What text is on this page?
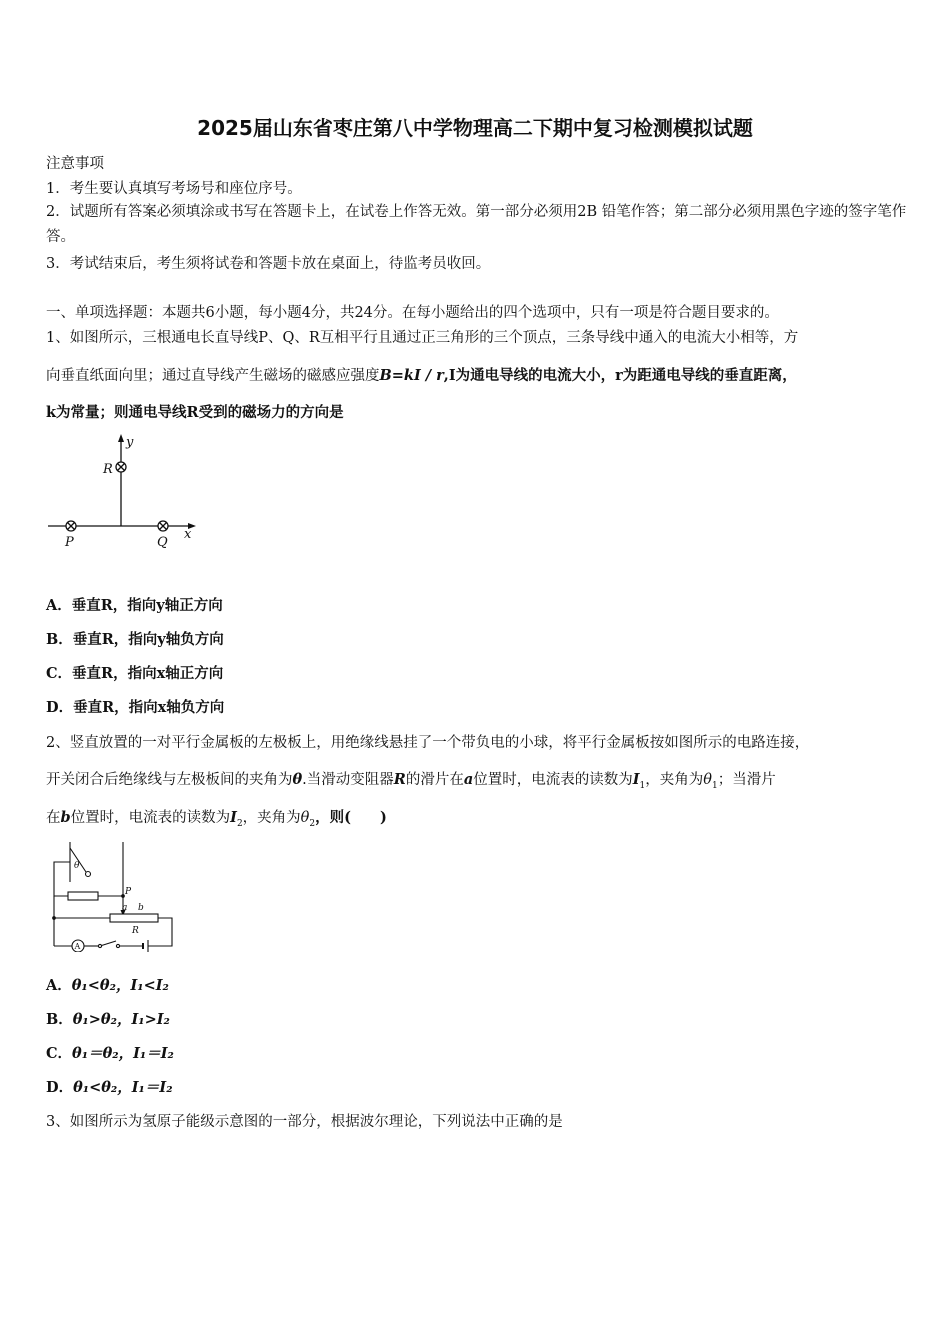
2025届山东省枣庄第八中学物理高二下期中复习检测模拟试题
注意事项
1．考生要认真填写考场号和座位序号。
2．试题所有答案必须填涂或书写在答题卡上，在试卷上作答无效。第一部分必须用2B 铅笔作答；第二部分必须用黑色字迹的签字笔作答。
3．考试结束后，考生须将试卷和答题卡放在桌面上，待监考员收回。
一、单项选择题：本题共6小题，每小题4分，共24分。在每小题给出的四个选项中，只有一项是符合题目要求的。
1、如图所示，三根通电长直导线P、Q、R互相平行且通过正三角形的三个顶点，三条导线中通入的电流大小相等，方
向垂直纸面向里；通过直导线产生磁场的磁感应强度B=kI / r,I为通电导线的电流大小，r为距通电导线的垂直距离，
k为常量；则通电导线R受到的磁场力的方向是
y
R
P	Q
x
A．垂直R，指向y轴正方向
B．垂直R，指向y轴负方向
C．垂直R，指向x轴正方向
D．垂直R，指向x轴负方向
2、竖直放置的一对平行金属板的左极板上，用绝缘线悬挂了一个带负电的小球，将平行金属板按如图所示的电路连接，
开关闭合后绝缘线与左极板间的夹角为θ.当滑动变阻器R的滑片在a位置时，电流表的读数为$I_1$，夹角为$\theta_1$；当滑片
在b位置时，电流表的读数为$I_2$，夹角为$\theta_2$，则(　　)
θ
P
a b
R
A
A．θ₁<θ₂，I₁<I₂
B．θ₁>θ₂，I₁>I₂
C．θ₁＝θ₂，I₁＝I₂
D．θ₁<θ₂，I₁＝I₂
3、如图所示为氢原子能级示意图的一部分，根据波尔理论，下列说法中正确的是
